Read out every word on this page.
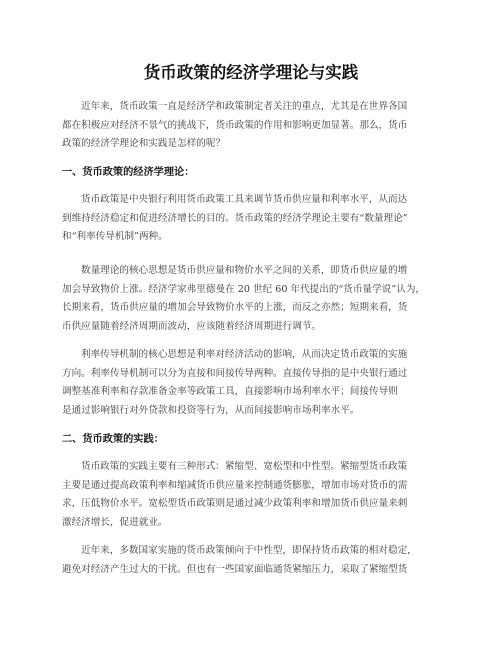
货币政策的经济学理论与实践

近年来，货币政策一直是经济学和政策制定者关注的重点，尤其是在世界各国
都在积极应对经济不景气的挑战下，货币政策的作用和影响更加显著。那么，货币
政策的经济学理论和实践是怎样的呢？

一、货币政策的经济学理论：

货币政策是中央银行利用货币政策工具来调节货币供应量和利率水平，从而达
到维持经济稳定和促进经济增长的目的。货币政策的经济学理论主要有“数量理论”
和“利率传导机制”两种。

数量理论的核心思想是货币供应量和物价水平之间的关系，即货币供应量的增
加会导致物价上涨。经济学家弗里德曼在 20 世纪 60 年代提出的“货币量学说”认为，
长期来看，货币供应量的增加会导致物价水平的上涨，而反之亦然；短期来看，货
币供应量随着经济周期而波动，应该随着经济周期进行调节。

利率传导机制的核心思想是利率对经济活动的影响，从而决定货币政策的实施
方向。利率传导机制可以分为直接和间接传导两种。直接传导指的是中央银行通过
调整基准利率和存款准备金率等政策工具，直接影响市场利率水平；间接传导则
是通过影响银行对外贷款和投资等行为，从而间接影响市场利率水平。

二、货币政策的实践：

货币政策的实践主要有三种形式：紧缩型、宽松型和中性型。紧缩型货币政策
主要是通过提高政策利率和缩减货币供应量来控制通货膨胀，增加市场对货币的需
求，压低物价水平。宽松型货币政策则是通过减少政策利率和增加货币供应量来刺
激经济增长，促进就业。

近年来，多数国家实施的货币政策倾向于中性型，即保持货币政策的相对稳定，
避免对经济产生过大的干扰。但也有一些国家面临通货紧缩压力，采取了紧缩型货
